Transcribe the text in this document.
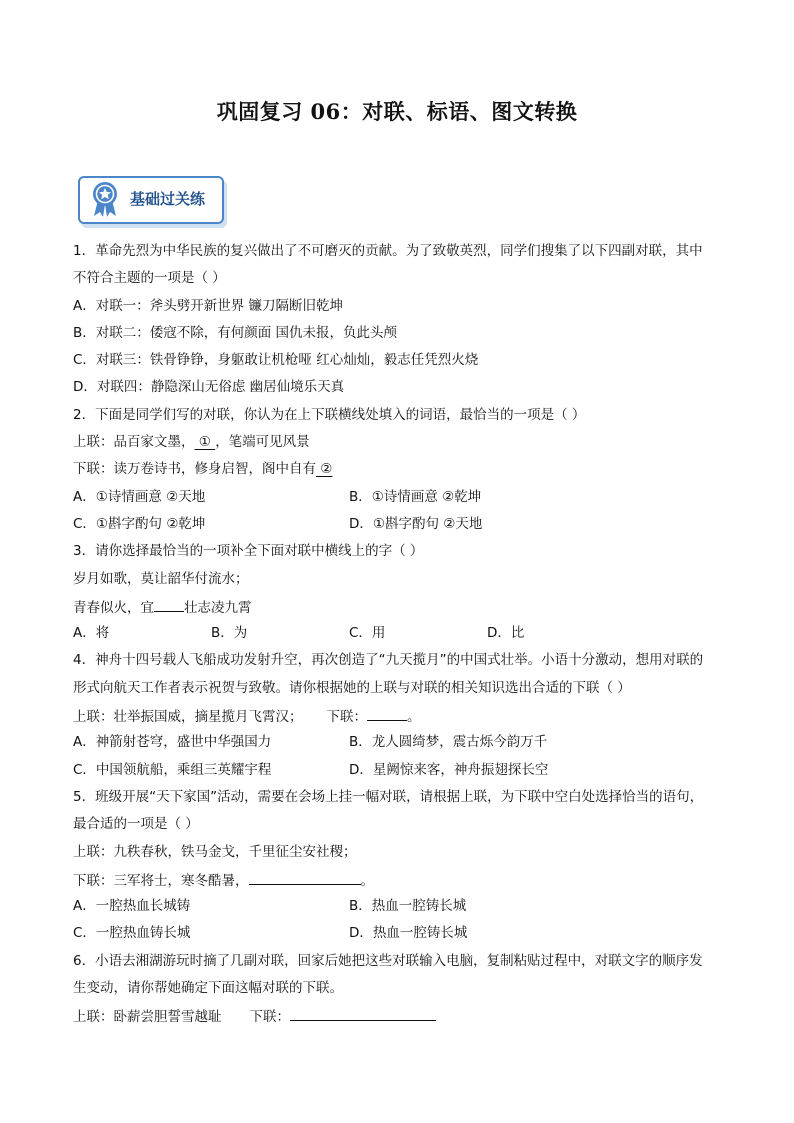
巩固复习 06：对联、标语、图文转换
基础过关练
1．革命先烈为中华民族的复兴做出了不可磨灭的贡献。为了致敬英烈，同学们搜集了以下四副对联，其中
不符合主题的一项是（ ）
A．对联一：斧头劈开新世界 镰刀隔断旧乾坤
B．对联二：倭寇不除，有何颜面 国仇未报，负此头颅
C．对联三：铁骨铮铮，身躯敢让机枪哑 红心灿灿，毅志任凭烈火烧
D．对联四：静隐深山无俗虑 幽居仙境乐天真
2．下面是同学们写的对联，你认为在上下联横线处填入的词语，最恰当的一项是（ ）
上联：品百家文墨， ① ，笔端可见风景
下联：读万卷诗书，修身启智，阁中自有 ②
A．①诗情画意 ②天地	B．①诗情画意 ②乾坤
C．①斟字酌句 ②乾坤	D．①斟字酌句 ②天地
3．请你选择最恰当的一项补全下面对联中横线上的字（ ）
岁月如歌，莫让韶华付流水；
青春似火，宜 壮志凌九霄
A．将	B．为	C．用	D．比
4．神舟十四号载人飞船成功发射升空，再次创造了“九天揽月”的中国式壮举。小语十分激动，想用对联的
形式向航天工作者表示祝贺与致敬。请你根据她的上联与对联的相关知识选出合适的下联（ ）
上联：壮举振国威，摘星揽月飞霄汉； 下联：	。
A．神箭射苍穹，盛世中华强国力	B．龙人圆绮梦，震古烁今韵万千
C．中国领航船，乘组三英耀宇程	D．星阙惊来客，神舟振翅探长空
5．班级开展“天下家国”活动，需要在会场上挂一幅对联，请根据上联，为下联中空白处选择恰当的语句，
最合适的一项是（ ）
上联：九秩春秋，铁马金戈，千里征尘安社稷；
下联：三军将士，寒冬酷暑，	。
A．一腔热血长城铸	B．热血一腔铸长城
C．一腔热血铸长城	D．热血一腔铸长城
6．小语去湘湖游玩时摘了几副对联，回家后她把这些对联输入电脑，复制粘贴过程中，对联文字的顺序发
生变动，请你帮她确定下面这幅对联的下联。
上联：卧薪尝胆誓雪越耻 下联：
